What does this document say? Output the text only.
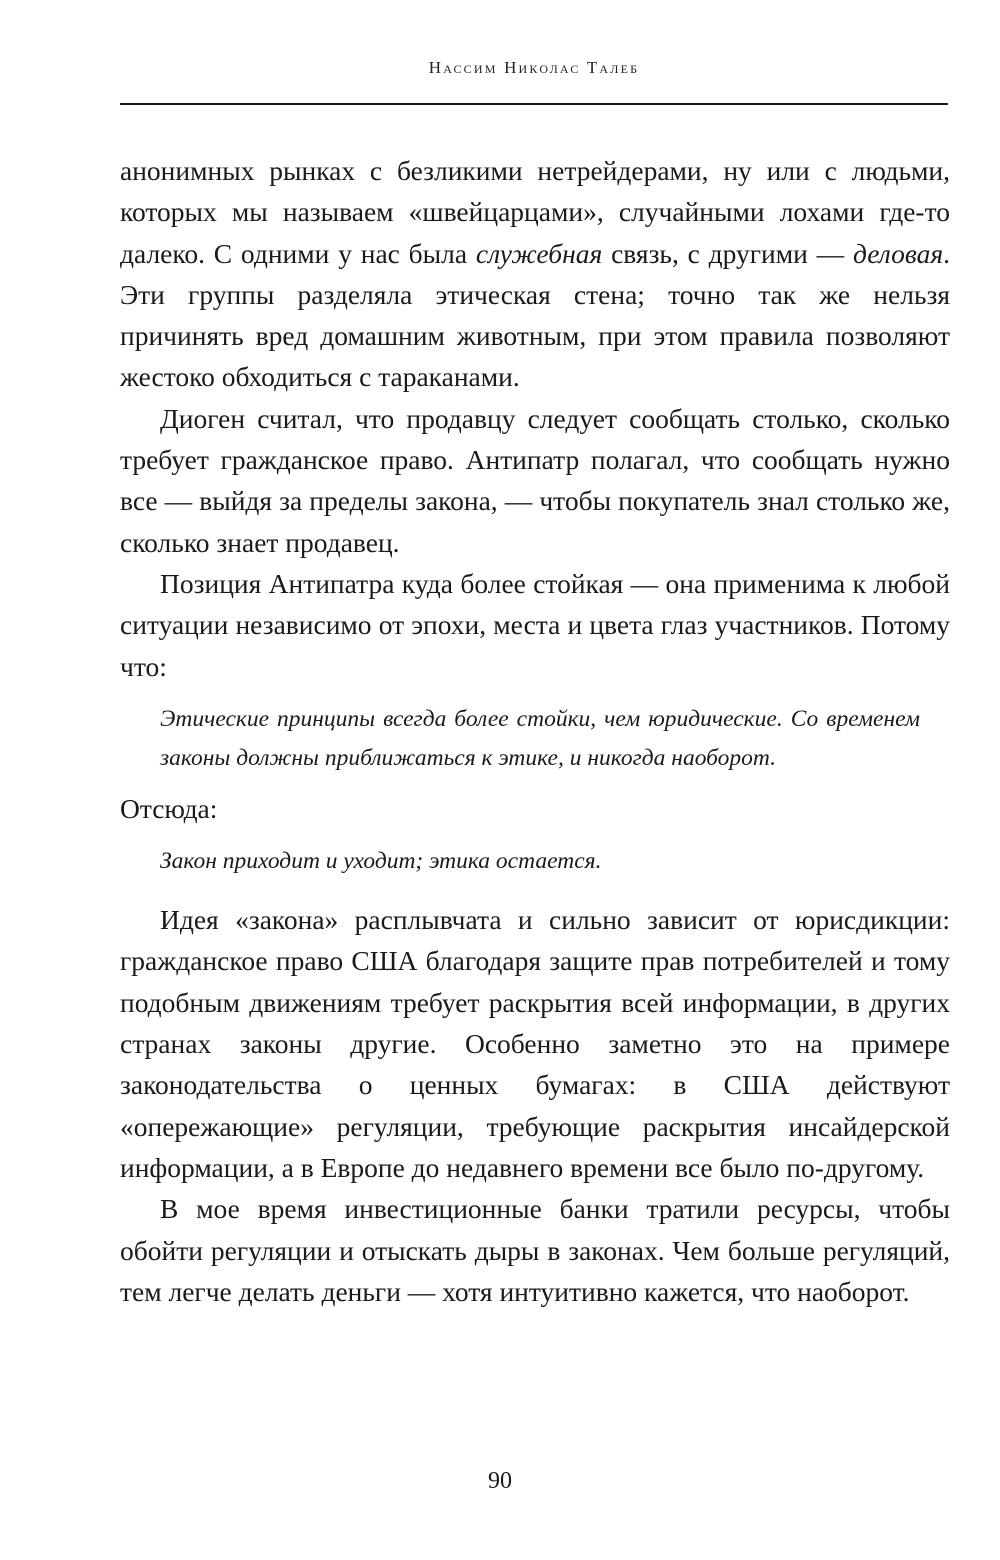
Нассим Николас Талеб

анонимных рынках с безликими нетрейдерами, ну или с людьми, которых мы называем «швейцарцами», случайными лохами где-то далеко. С одними у нас была служебная связь, с другими — деловая. Эти группы разделяла этическая стена; точно так же нельзя причинять вред домашним животным, при этом правила позволяют жестоко обходиться с тараканами.

Диоген считал, что продавцу следует сообщать столько, сколько требует гражданское право. Антипатр полагал, что сообщать нужно все — выйдя за пределы закона, — чтобы покупатель знал столько же, сколько знает продавец.

Позиция Антипатра куда более стойкая — она применима к любой ситуации независимо от эпохи, места и цвета глаз участников. Потому что:

Этические принципы всегда более стойки, чем юридические. Со временем законы должны приближаться к этике, и никогда наоборот.

Отсюда:

Закон приходит и уходит; этика остается.

Идея «закона» расплывчата и сильно зависит от юрисдикции: гражданское право США благодаря защите прав потребителей и тому подобным движениям требует раскрытия всей информации, в других странах законы другие. Особенно заметно это на примере законодательства о ценных бумагах: в США действуют «опережающие» регуляции, требующие раскрытия инсайдерской информации, а в Европе до недавнего времени все было по-другому.

В мое время инвестиционные банки тратили ресурсы, чтобы обойти регуляции и отыскать дыры в законах. Чем больше регуляций, тем легче делать деньги — хотя интуитивно кажется, что наоборот.

90
